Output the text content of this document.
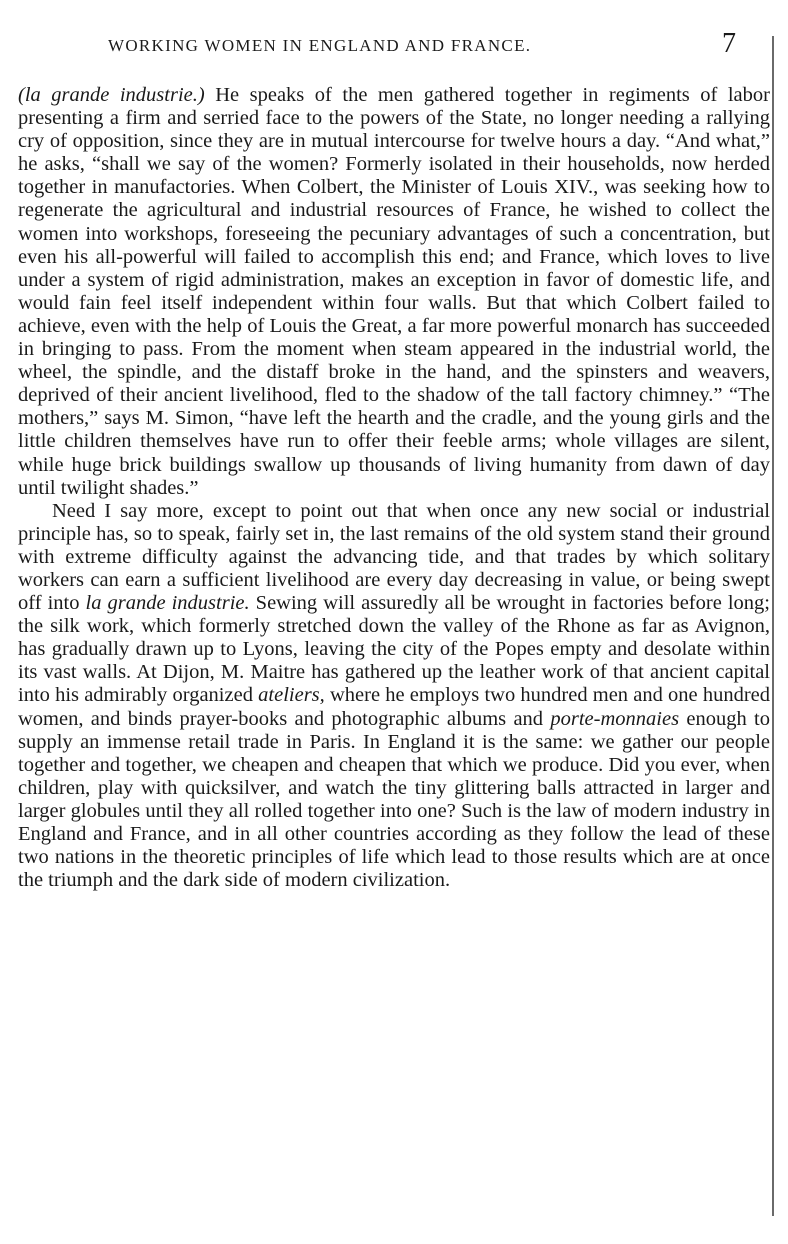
WORKING WOMEN IN ENGLAND AND FRANCE.	7

(la grande industrie.) He speaks of the men gathered together in regiments of labor presenting a firm and serried face to the powers of the State, no longer needing a rallying cry of opposition, since they are in mutual intercourse for twelve hours a day. “And what,” he asks, “shall we say of the women? Formerly isolated in their households, now herded together in manufactories. When Colbert, the Minister of Louis XIV., was seeking how to regenerate the agricultural and industrial resources of France, he wished to collect the women into workshops, foreseeing the pecuniary advantages of such a concentration, but even his all-powerful will failed to accomplish this end; and France, which loves to live under a system of rigid administration, makes an exception in favor of domestic life, and would fain feel itself independent within four walls. But that which Colbert failed to achieve, even with the help of Louis the Great, a far more powerful monarch has succeeded in bringing to pass. From the moment when steam appeared in the industrial world, the wheel, the spindle, and the distaff broke in the hand, and the spinsters and weavers, deprived of their ancient livelihood, fled to the shadow of the tall factory chimney.” “The mothers,” says M. Simon, “have left the hearth and the cradle, and the young girls and the little children themselves have run to offer their feeble arms; whole villages are silent, while huge brick buildings swallow up thousands of living humanity from dawn of day until twilight shades.”

Need I say more, except to point out that when once any new social or industrial principle has, so to speak, fairly set in, the last remains of the old system stand their ground with extreme difficulty against the advancing tide, and that trades by which solitary workers can earn a sufficient livelihood are every day decreasing in value, or being swept off into la grande industrie. Sewing will assuredly all be wrought in factories before long; the silk work, which formerly stretched down the valley of the Rhone as far as Avignon, has gradually drawn up to Lyons, leaving the city of the Popes empty and desolate within its vast walls. At Dijon, M. Maitre has gathered up the leather work of that ancient capital into his admirably organized ateliers, where he employs two hundred men and one hundred women, and binds prayer-books and photographic albums and porte-monnaies enough to supply an immense retail trade in Paris. In England it is the same: we gather our people together and together, we cheapen and cheapen that which we produce. Did you ever, when children, play with quicksilver, and watch the tiny glittering balls attracted in larger and larger globules until they all rolled together into one? Such is the law of modern industry in England and France, and in all other countries according as they follow the lead of these two nations in the theoretic principles of life which lead to those results which are at once the triumph and the dark side of modern civilization.
